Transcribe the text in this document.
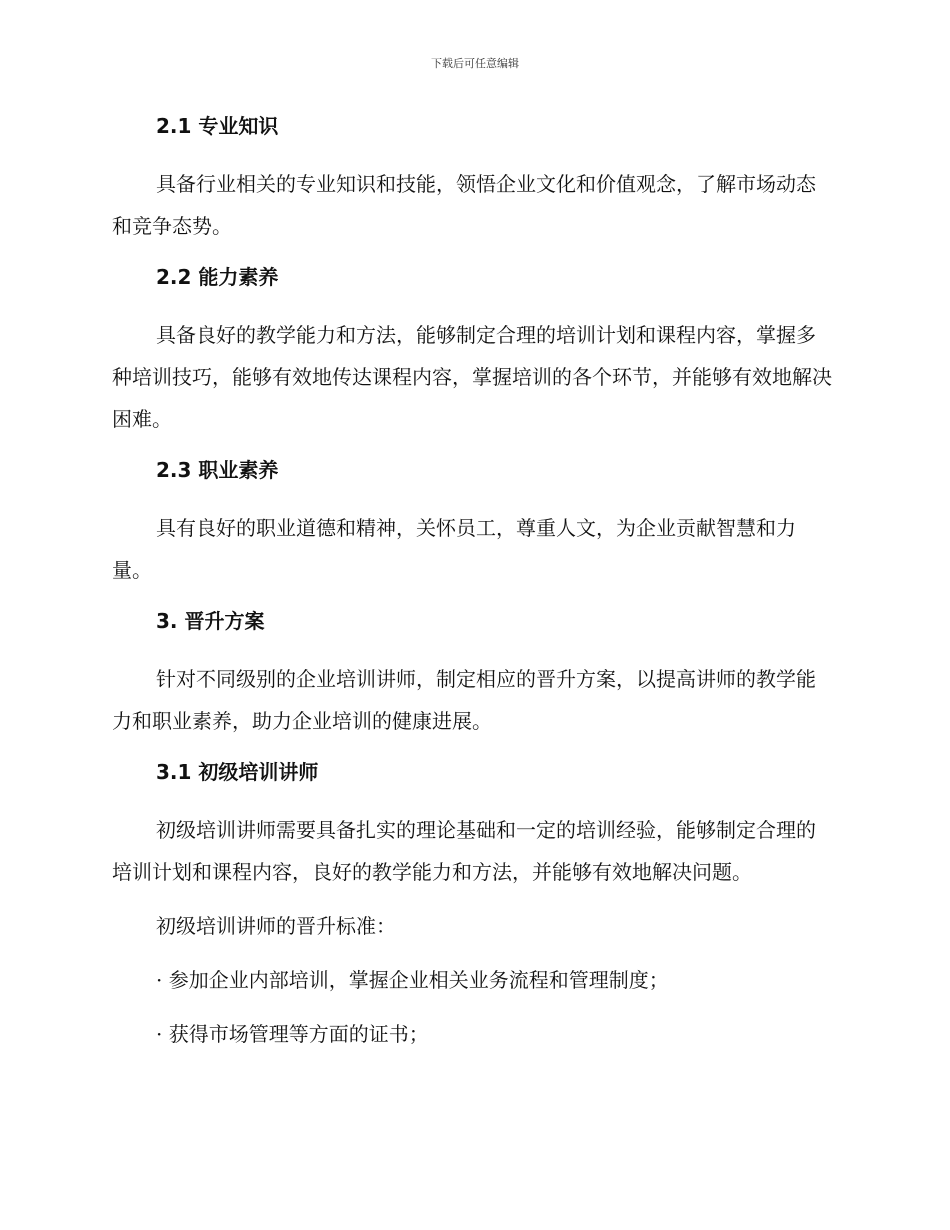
下载后可任意编辑
2.1 专业知识

具备行业相关的专业知识和技能，领悟企业文化和价值观念，了解市场动态和竞争态势。

2.2 能力素养

具备良好的教学能力和方法，能够制定合理的培训计划和课程内容，掌握多种培训技巧，能够有效地传达课程内容，掌握培训的各个环节，并能够有效地解决困难。

2.3 职业素养

具有良好的职业道德和精神，关怀员工，尊重人文，为企业贡献智慧和力量。

3. 晋升方案

针对不同级别的企业培训讲师，制定相应的晋升方案，以提高讲师的教学能力和职业素养，助力企业培训的健康进展。

3.1 初级培训讲师

初级培训讲师需要具备扎实的理论基础和一定的培训经验，能够制定合理的培训计划和课程内容，良好的教学能力和方法，并能够有效地解决问题。

初级培训讲师的晋升标准：

· 参加企业内部培训，掌握企业相关业务流程和管理制度；

· 获得市场管理等方面的证书；
